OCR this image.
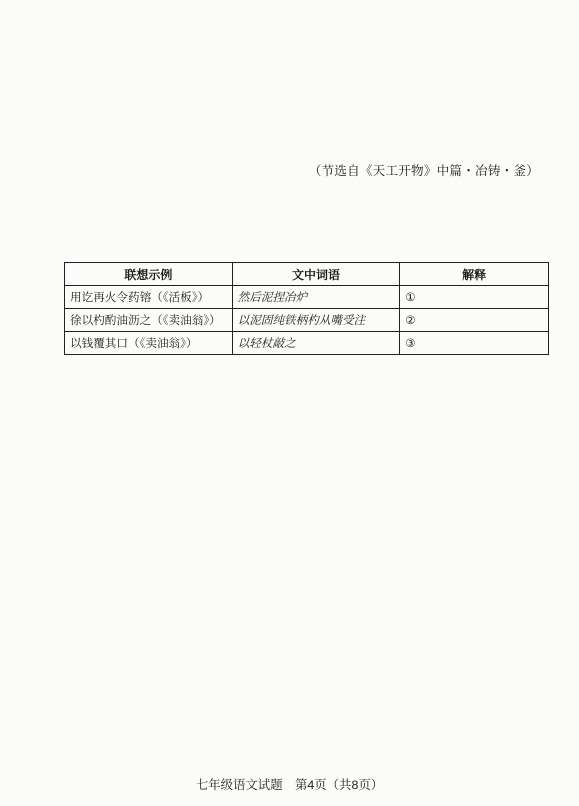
（节选自《天工开物》中篇・冶铸・釜）
联想示例	文中词语	解释
用讫再火令药镕（《活板》）	然后泥捏冶炉	①
徐以杓酌油沥之（《卖油翁》）	以泥固纯铁柄杓从嘴受注	②
以钱覆其口（《卖油翁》）	以轻杖敲之	③
七年级语文试题　第4页（共8页）
